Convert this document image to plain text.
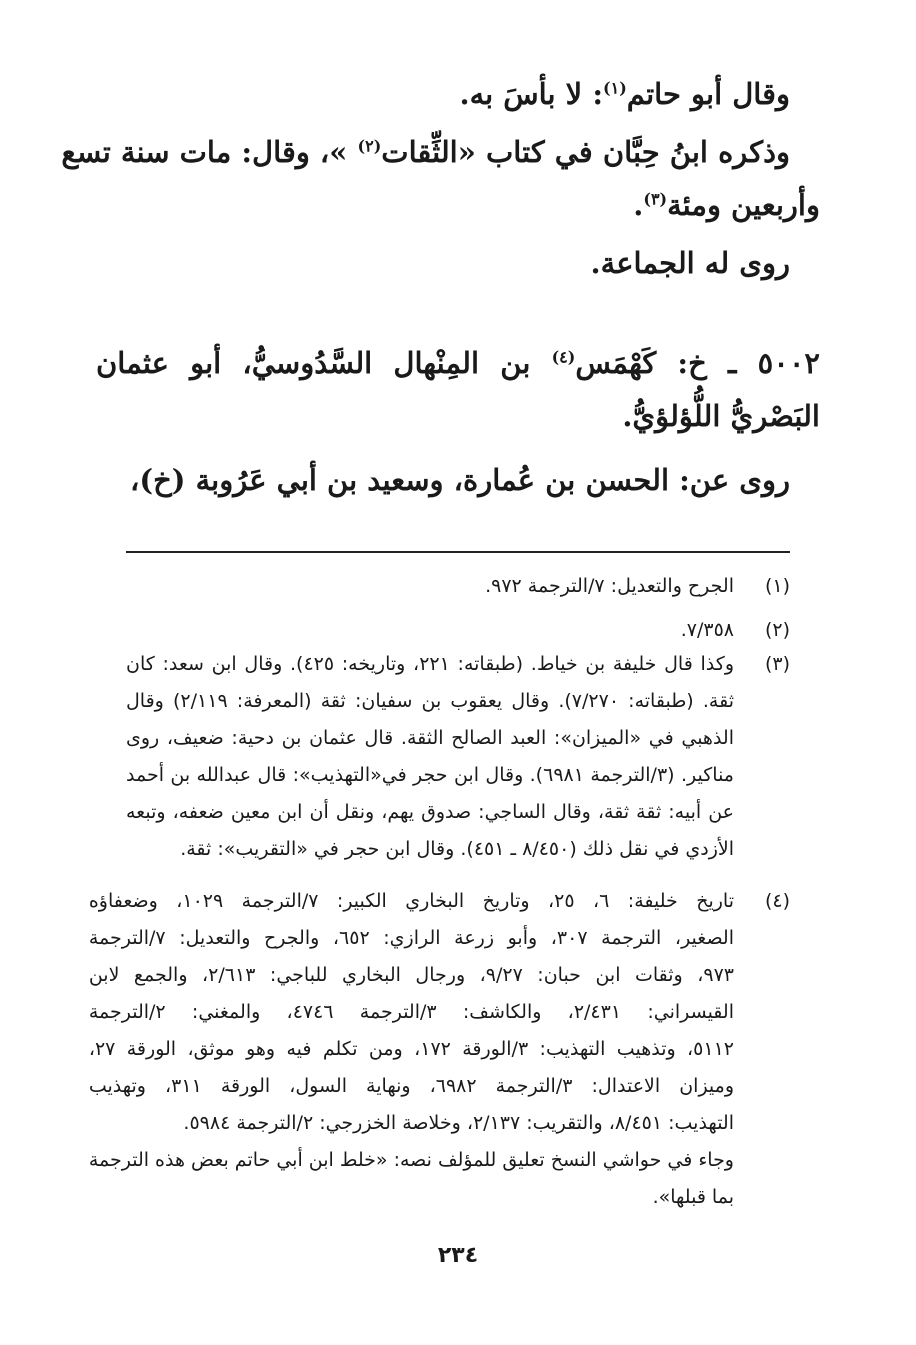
وقال أبو حاتم$^{(١)}$: لا بأسَ به.
وذكره ابنُ حِبَّان في كتاب «الثِّقات$^{(٢)}$ »، وقال: مات سنة تسع
وأربعين ومئة$^{(٣)}$.
روى له الجماعة.
٥٠٠٢ ـ خ: كَهْمَس$^{(٤)}$ بن المِنْهال السَّدُوسيُّ، أبو عثمان
البَصْريُّ اللُّؤلؤيُّ.
روى عن: الحسن بن عُمارة، وسعيد بن أبي عَرُوبة (خ)،
(١)
الجرح والتعديل: ٧/الترجمة ٩٧٢.
(٢)
٧/٣٥٨.
(٣)
وكذا قال خليفة بن خياط. (طبقاته: ٢٢١، وتاريخه: ٤٢٥). وقال ابن سعد: كان
ثقة. (طبقاته: ٧/٢٧٠). وقال يعقوب بن سفيان: ثقة (المعرفة: ٢/١١٩) وقال
الذهبي في «الميزان»: العبد الصالح الثقة. قال عثمان بن دحية: ضعيف، روى
مناكير. (٣/الترجمة ٦٩٨١). وقال ابن حجر في«التهذيب»: قال عبدالله بن أحمد
عن أبيه: ثقة ثقة، وقال الساجي: صدوق يهم، ونقل أن ابن معين ضعفه، وتبعه
الأزدي في نقل ذلك (٨/٤٥٠ ـ ٤٥١). وقال ابن حجر في «التقريب»: ثقة.
(٤)
تاريخ خليفة: ٦، ٢٥، وتاريخ البخاري الكبير: ٧/الترجمة ١٠٢٩، وضعفاؤه
الصغير، الترجمة ٣٠٧، وأبو زرعة الرازي: ٦٥٢، والجرح والتعديل: ٧/الترجمة
٩٧٣، وثقات ابن حبان: ٩/٢٧، ورجال البخاري للباجي: ٢/٦١٣، والجمع لابن
القيسراني: ٢/٤٣١، والكاشف: ٣/الترجمة ٤٧٤٦، والمغني: ٢/الترجمة
٥١١٢، وتذهيب التهذيب: ٣/الورقة ١٧٢، ومن تكلم فيه وهو موثق، الورقة ٢٧،
وميزان الاعتدال: ٣/الترجمة ٦٩٨٢، ونهاية السول، الورقة ٣١١، وتهذيب
التهذيب: ٨/٤٥١، والتقريب: ٢/١٣٧، وخلاصة الخزرجي: ٢/الترجمة ٥٩٨٤.
وجاء في حواشي النسخ تعليق للمؤلف نصه: «خلط ابن أبي حاتم بعض هذه الترجمة
بما قبلها».
٢٣٤
